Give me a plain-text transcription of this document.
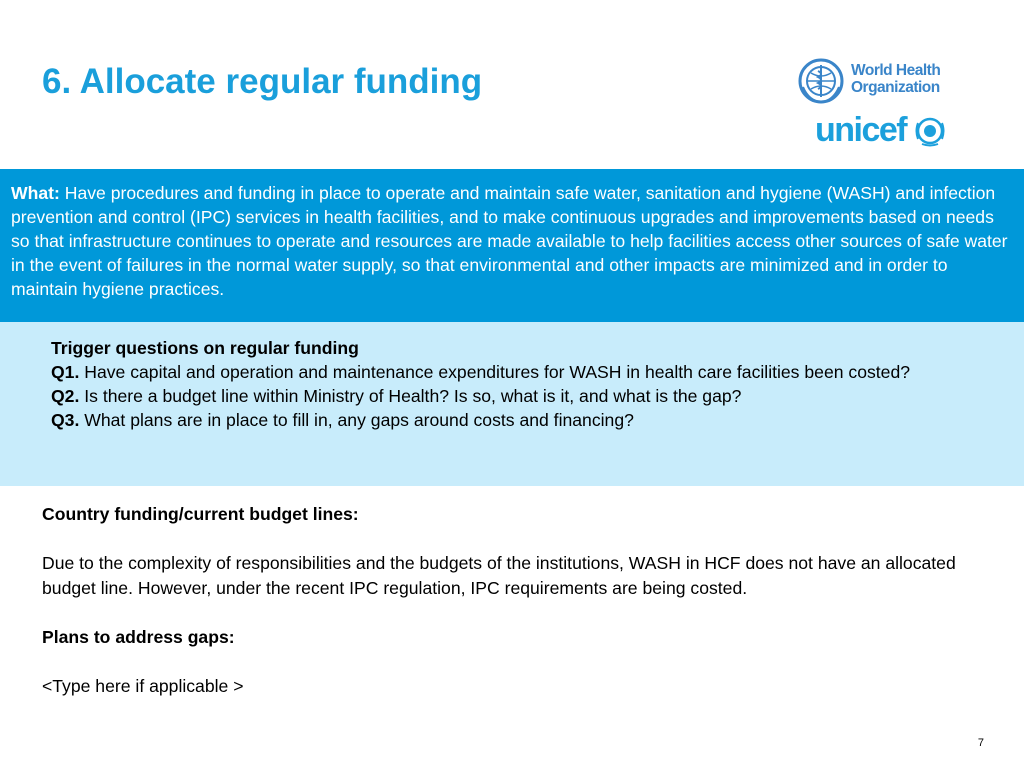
6. Allocate regular funding	World Health
Organization
unicef
What: Have procedures and funding in place to operate and maintain safe water, sanitation and hygiene (WASH) and infection prevention and control (IPC) services in health facilities, and to make continuous upgrades and improvements based on needs so that infrastructure continues to operate and resources are made available to help facilities access other sources of safe water in the event of failures in the normal water supply, so that environmental and other impacts are minimized and in order to maintain hygiene practices.
Trigger questions on regular funding
Q1. Have capital and operation and maintenance expenditures for WASH in health care facilities been costed?
Q2. Is there a budget line within Ministry of Health? Is so, what is it, and what is the gap?
Q3. What plans are in place to fill in, any gaps around costs and financing?
Country funding/current budget lines:
Due to the complexity of responsibilities and the budgets of the institutions, WASH in HCF does not have an allocated budget line. However, under the recent IPC regulation, IPC requirements are being costed.
Plans to address gaps:
<Type here if applicable >
7
